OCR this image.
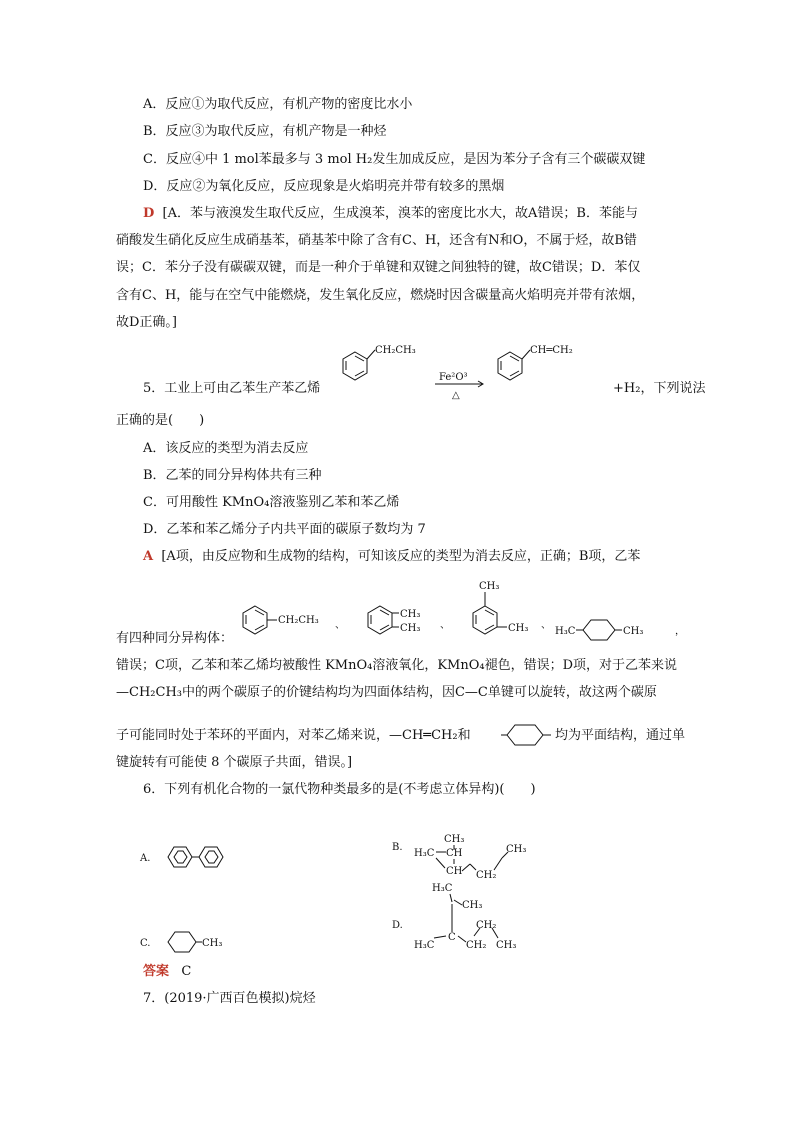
A．反应①为取代反应，有机产物的密度比水小
B．反应③为取代反应，有机产物是一种烃
C．反应④中 1 mol苯最多与 3 mol H₂发生加成反应，是因为苯分子含有三个碳碳双键
D．反应②为氧化反应，反应现象是火焰明亮并带有较多的黑烟
D [A．苯与液溴发生取代反应，生成溴苯，溴苯的密度比水大，故A错误；B．苯能与
硝酸发生硝化反应生成硝基苯，硝基苯中除了含有C、H，还含有N和O，不属于烃，故B错
误；C．苯分子没有碳碳双键，而是一种介于单键和双键之间独特的键，故C错误；D．苯仅
含有C、H，能与在空气中能燃烧，发生氧化反应，燃烧时因含碳量高火焰明亮并带有浓烟，
故D正确。]
5．工业上可由乙苯生产苯乙烯
CH₂CH₃
Fe²O³
△
CH═CH₂
+H₂，下列说法
正确的是(　　)
A．该反应的类型为消去反应
B．乙苯的同分异构体共有三种
C．可用酸性 KMnO₄溶液鉴别乙苯和苯乙烯
D．乙苯和苯乙烯分子内共平面的碳原子数均为 7
A [A项，由反应物和生成物的结构，可知该反应的类型为消去反应，正确；B项，乙苯
有四种同分异构体：
CH₂CH₃ 、
CH₃
CH₃ 、
CH₃
CH₃ 、
H₃C	CH₃	，
错误；C项，乙苯和苯乙烯均被酸性 KMnO₄溶液氧化，KMnO₄褪色，错误；D项，对于乙苯来说
—CH₂CH₃中的两个碳原子的价键结构均为四面体结构，因C—C单键可以旋转，故这两个碳原
子可能同时处于苯环的平面内，对苯乙烯来说，—CH═CH₂和	均为平面结构，通过单
键旋转有可能使 8 个碳原子共面，错误。]
6．下列有机化合物的一氯代物种类最多的是(不考虑立体异构)(　　)
A.
B.
CH₃
H₃C CH
CH CH₂
CH₃
C.	CH₃
D.
H₃C
CH₃
C
H₃C	CH₂
CH₂
CH₃
答案 C
7．(2019·广西百色模拟)烷烃
